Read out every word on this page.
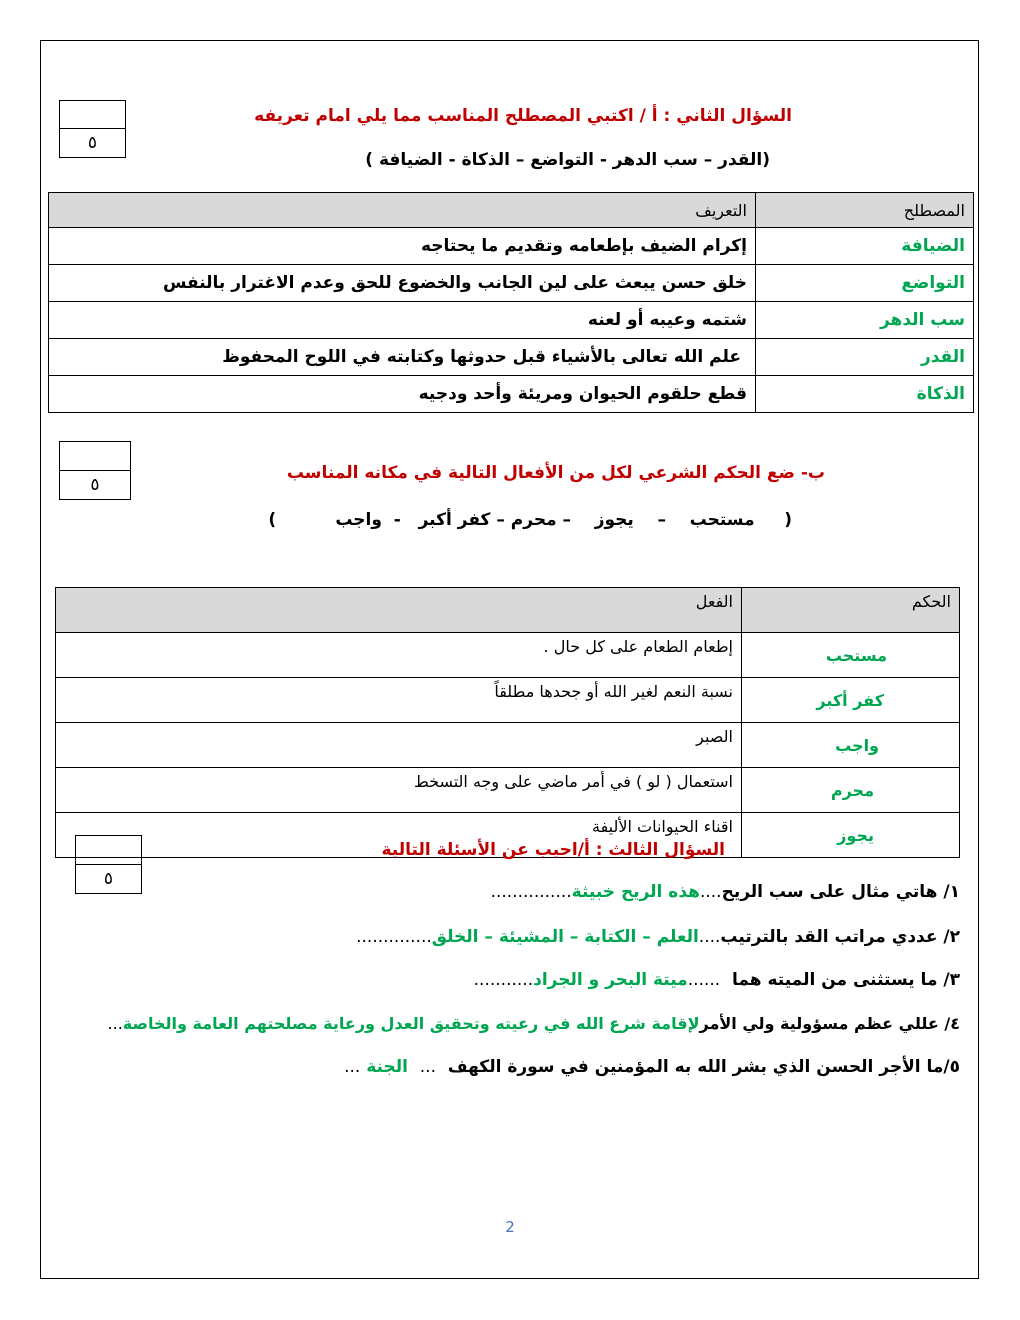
٥
٥
٥
السؤال الثاني : أ / اكتبي المصطلح المناسب مما يلي امام تعريفه
(القدر – سب الدهر - التواضع – الذكاة - الضيافة )
المصطلح	التعريف
الضيافة	إكرام الضيف بإطعامه وتقديم ما يحتاجه
التواضع	خلق حسن يبعث على لين الجانب والخضوع للحق وعدم الاغترار بالنفس
سب الدهر	شتمه وعيبه أو لعنه
القدر	علم الله تعالى بالأشياء قبل حدوثها وكتابته في اللوح المحفوظ
الذكاة	قطع حلقوم الحيوان ومريئة وأحد ودجيه
ب- ضع الحكم الشرعي لكل من الأفعال التالية في مكانه المناسب
(     مستحب    –    يجوز    – محرم – كفر أكبر   -  واجب          )
الحكم	الفعل
مستحب	إطعام الطعام على كل حال .
كفر أكبر	نسبة النعم لغير الله أو جحدها مطلقاً
واجب	الصبر
محرم	استعمال ( لو ) في أمر ماضي على وجه التسخط
يجوز	اقناء الحيوانات الأليفة
السؤال الثالث : أ/اجيب عن الأسئلة التالية
١/ هاتي مثال على سب الريح....هذه الريح خبيثة...............
٢/ عددي مراتب القد بالترتيب....العلم – الكتابة – المشيئة – الخلق..............
٣/ ما يستثنى من الميته هما  ......ميتة البحر و الجراد...........
٤/ عللي عظم مسؤولية ولي الأمرلإقامة شرع الله في رعيته وتحقيق العدل ورعاية مصلحتهم العامة والخاصة...
٥/ما الأجر الحسن الذي بشر الله به المؤمنين في سورة الكهف  ...  الجنة ...
2
